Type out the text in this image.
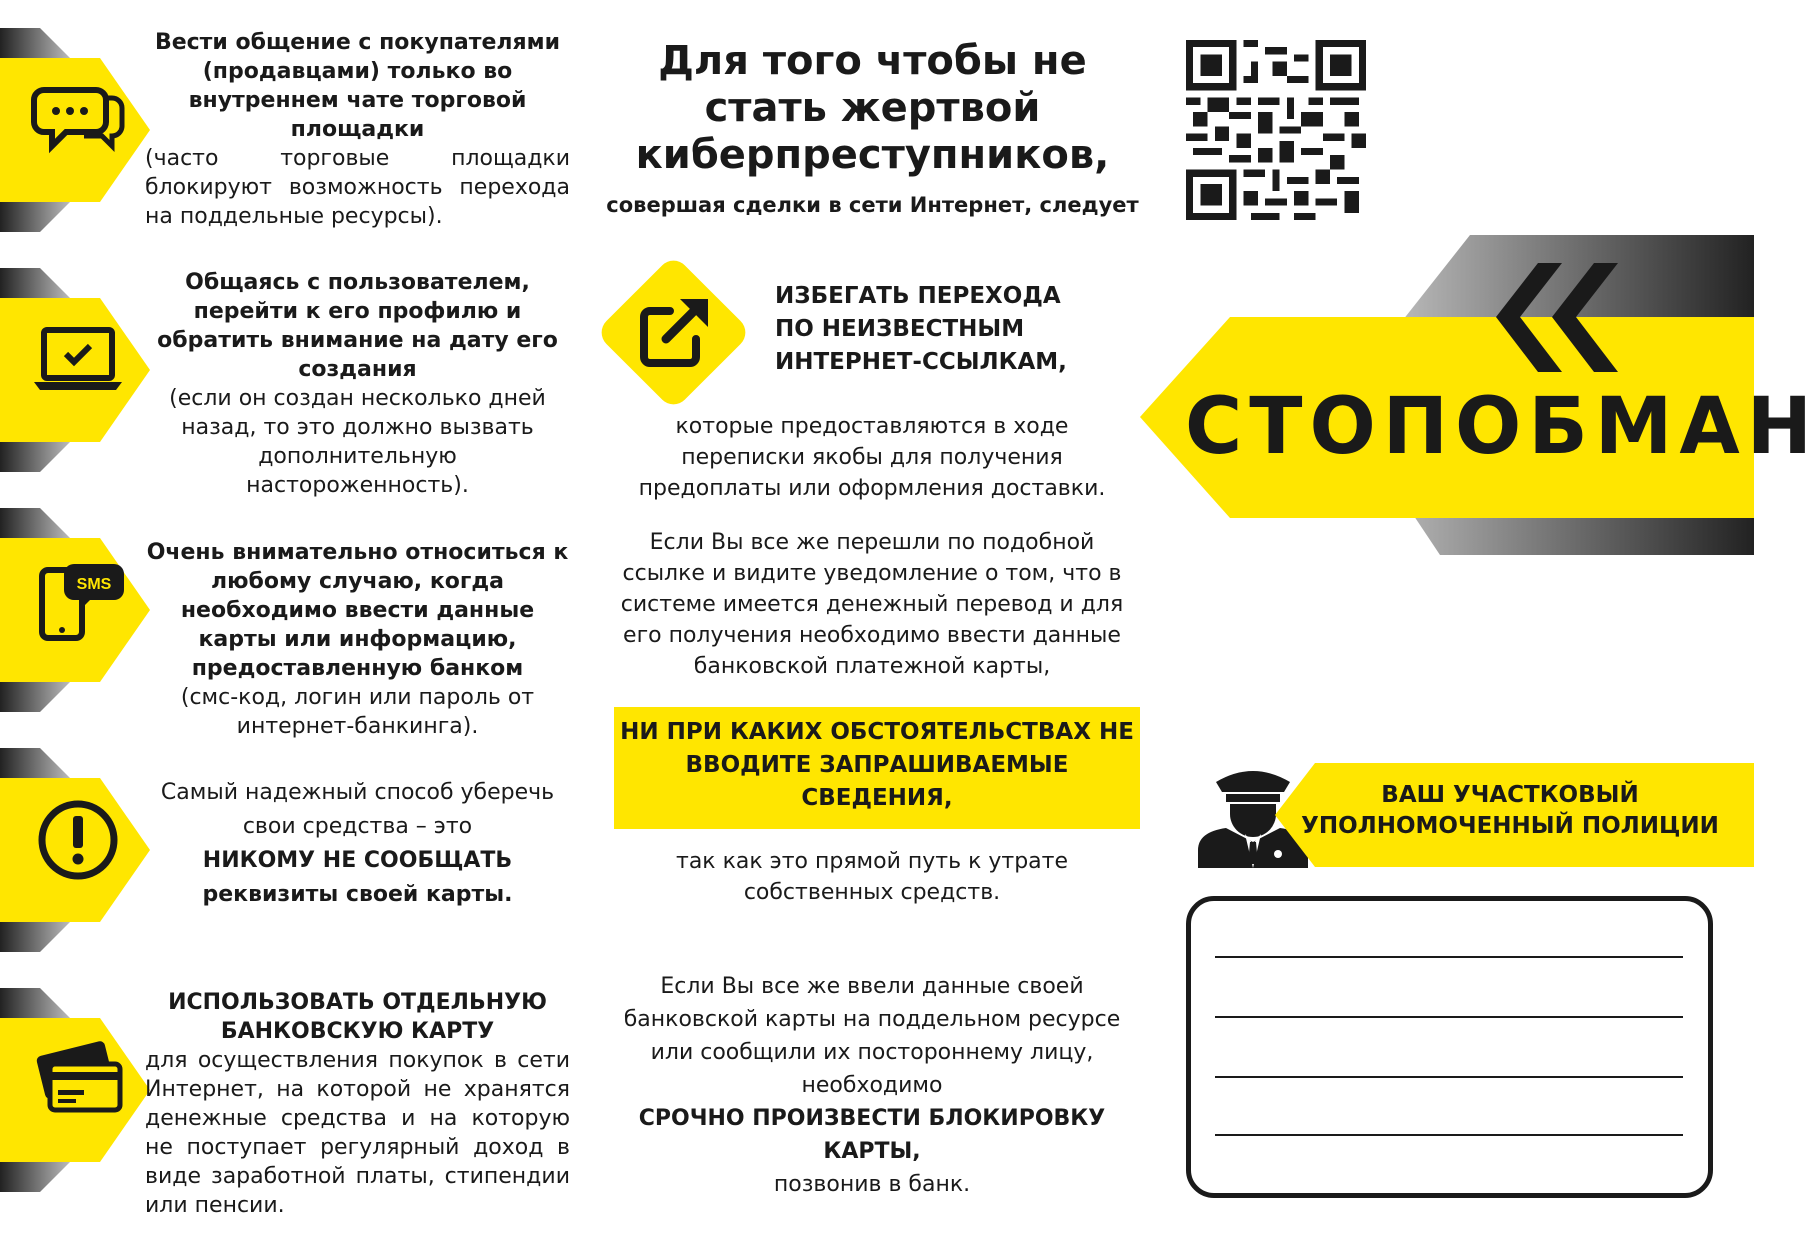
SMS
Вести общение с покупателями (продавцами) только во внутреннем чате торговой площадки
(часто торговые площадки блокируют возможность перехода на поддельные ресурсы).
Общаясь с пользователем, перейти к его профилю и обратить внимание на дату его создания
(если он создан несколько дней назад, то это должно вызвать дополнительную настороженность).
Очень внимательно относиться к любому случаю, когда необходимо ввести данные карты или информацию, предоставленную банком
(смс-код, логин или пароль от интернет-банкинга).
Самый надежный способ уберечь свои средства – это
НИКОМУ НЕ СООБЩАТЬ реквизиты своей карты.
ИСПОЛЬЗОВАТЬ ОТДЕЛЬНУЮ БАНКОВСКУЮ КАРТУ
для осуществления покупок в сети Интернет, на которой не хранятся денежные средства и на которую не поступает регулярный доход в виде заработной платы, стипендии или пенсии.
Для того чтобы не стать жертвой киберпреступников,
совершая сделки в сети Интернет, следует
ИЗБЕГАТЬ ПЕРЕХОДА ПО НЕИЗВЕСТНЫМ ИНТЕРНЕТ-ССЫЛКАМ,
которые предоставляются в ходе переписки якобы для получения предоплаты или оформления доставки.
Если Вы все же перешли по подобной ссылке и видите уведомление о том, что в системе имеется денежный перевод и для его получения необходимо ввести данные банковской платежной карты,
НИ ПРИ КАКИХ ОБСТОЯТЕЛЬСТВАХ НЕ ВВОДИТЕ ЗАПРАШИВАЕМЫЕ СВЕДЕНИЯ,
так как это прямой путь к утрате собственных средств.
Если Вы все же ввели данные своей банковской карты на поддельном ресурсе или сообщили их постороннему лицу, необходимо
СРОЧНО ПРОИЗВЕСТИ БЛОКИРОВКУ КАРТЫ,
позвонив в банк.
СТОПОБМАН
ВАШ УЧАСТКОВЫЙ УПОЛНОМОЧЕННЫЙ ПОЛИЦИИ
